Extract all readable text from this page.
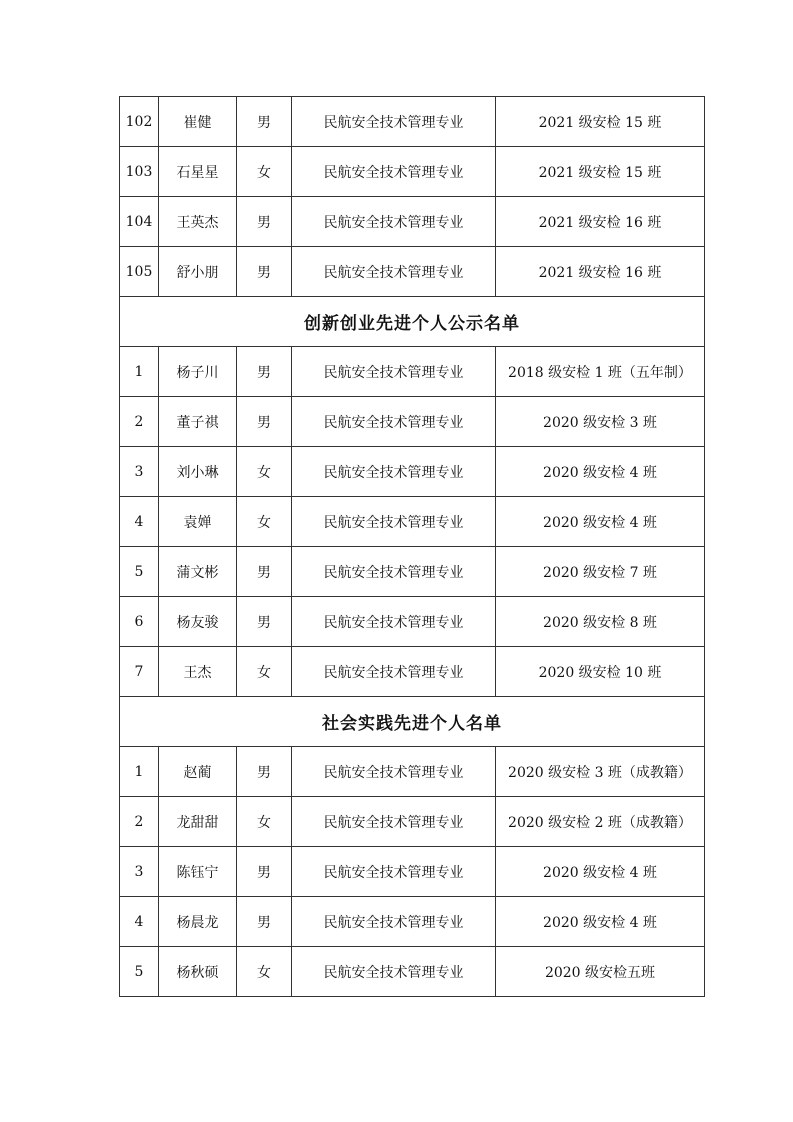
102	崔健	男	民航安全技术管理专业	2021 级安检 15 班
103	石星星	女	民航安全技术管理专业	2021 级安检 15 班
104	王英杰	男	民航安全技术管理专业	2021 级安检 16 班
105	舒小朋	男	民航安全技术管理专业	2021 级安检 16 班
创新创业先进个人公示名单				
1	杨子川	男	民航安全技术管理专业	2018 级安检 1 班（五年制）
2	董子祺	男	民航安全技术管理专业	2020 级安检 3 班
3	刘小琳	女	民航安全技术管理专业	2020 级安检 4 班
4	袁婵	女	民航安全技术管理专业	2020 级安检 4 班
5	蒲文彬	男	民航安全技术管理专业	2020 级安检 7 班
6	杨友骏	男	民航安全技术管理专业	2020 级安检 8 班
7	王杰	女	民航安全技术管理专业	2020 级安检 10 班
社会实践先进个人名单				
1	赵蔺	男	民航安全技术管理专业	2020 级安检 3 班（成教籍）
2	龙甜甜	女	民航安全技术管理专业	2020 级安检 2 班（成教籍）
3	陈钰宁	男	民航安全技术管理专业	2020 级安检 4 班
4	杨晨龙	男	民航安全技术管理专业	2020 级安检 4 班
5	杨秋硕	女	民航安全技术管理专业	2020 级安检五班
